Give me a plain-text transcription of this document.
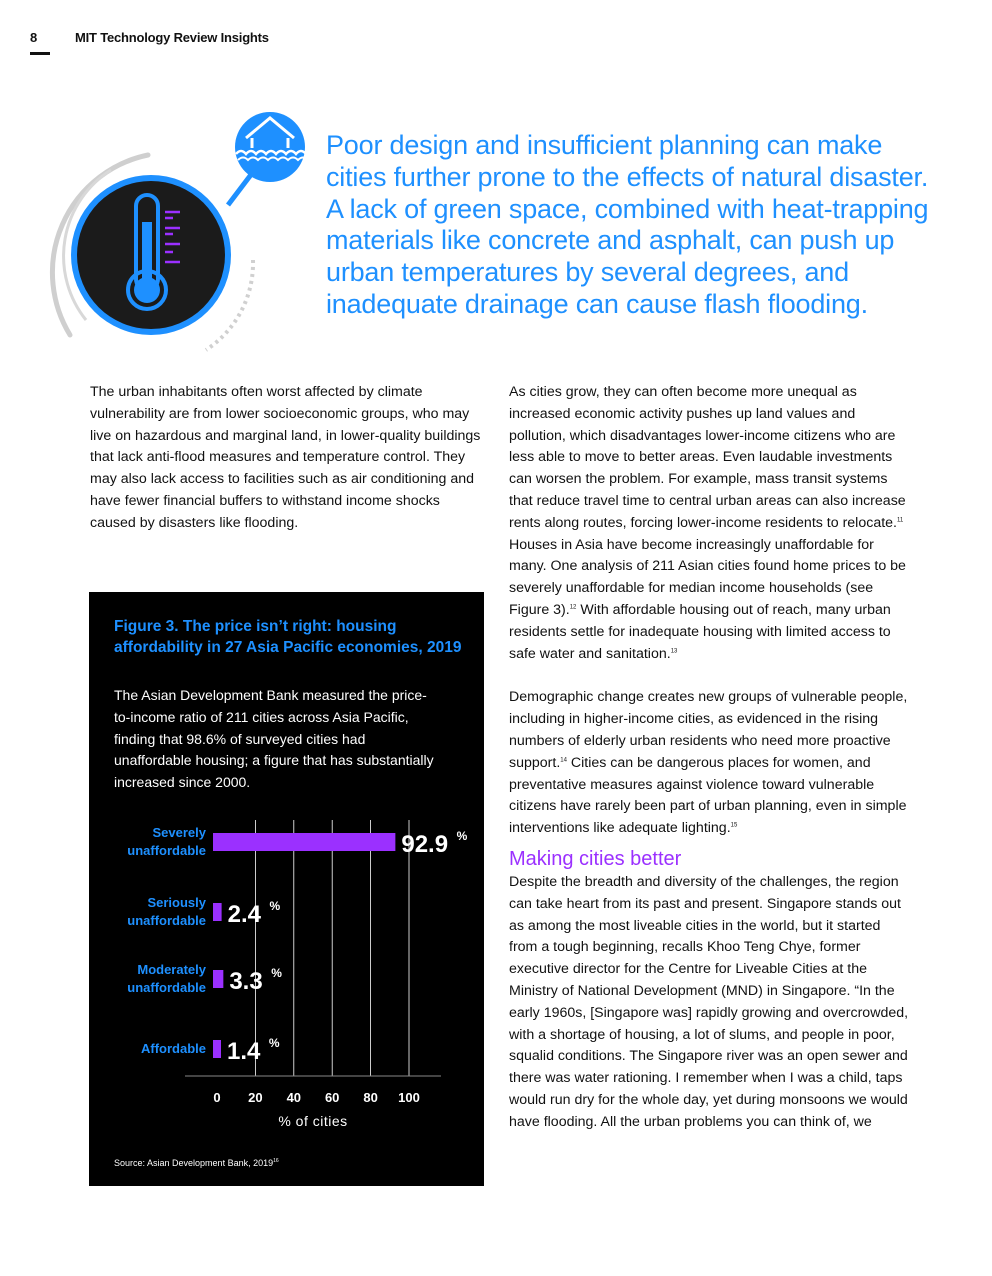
8	MIT Technology Review Insights
Poor design and insufficient planning can make cities further prone to the effects of natural disaster. A lack of green space, combined with heat-trapping materials like concrete and asphalt, can push up urban temperatures by several degrees, and inadequate drainage can cause flash flooding.

The urban inhabitants often worst affected by climate vulnerability are from lower socioeconomic groups, who may live on hazardous and marginal land, in lower-quality buildings that lack anti-flood measures and temperature control. They may also lack access to facilities such as air conditioning and have fewer financial buffers to withstand income shocks caused by disasters like flooding.

As cities grow, they can often become more unequal as increased economic activity pushes up land values and pollution, which disadvantages lower-income citizens who are less able to move to better areas. Even laudable investments can worsen the problem. For example, mass transit systems that reduce travel time to central urban areas can also increase rents along routes, forcing lower-income residents to relocate.$^{11}$ Houses in Asia have become increasingly unaffordable for many. One analysis of 211 Asian cities found home prices to be severely unaffordable for median income households (see Figure 3).$^{12}$ With affordable housing out of reach, many urban residents settle for inadequate housing with limited access to safe water and sanitation.$^{13}$

Demographic change creates new groups of vulnerable people, including in higher-income cities, as evidenced in the rising numbers of elderly urban residents who need more proactive support.$^{14}$ Cities can be dangerous places for women, and preventative measures against violence toward vulnerable citizens have rarely been part of urban planning, even in simple interventions like adequate lighting.$^{15}$

Making cities better

Despite the breadth and diversity of the challenges, the region can take heart from its past and present. Singapore stands out as among the most liveable cities in the world, but it started from a tough beginning, recalls Khoo Teng Chye, former executive director for the Centre for Liveable Cities at the Ministry of National Development (MND) in Singapore. “In the early 1960s, [Singapore was] rapidly growing and overcrowded, with a shortage of housing, a lot of slums, and people in poor, squalid conditions. The Singapore river was an open sewer and there was water rationing. I remember when I was a child, taps would run dry for the whole day, yet during monsoons we would have flooding. All the urban problems you can think of, we

Figure 3. The price isn’t right: housing affordability in 27 Asia Pacific economies, 2019
The Asian Development Bank measured the price-to-income ratio of 211 cities across Asia Pacific, finding that 98.6% of surveyed cities had unaffordable housing; a figure that has substantially increased since 2000.
Severely
unaffordable
Seriously
unaffordable
Moderately
unaffordable
Affordable
92.9 %
2.4 %
3.3 %
1.4 %
0 20 40 60 80 100
% of cities
Source: Asian Development Bank, 2019$^{16}$
